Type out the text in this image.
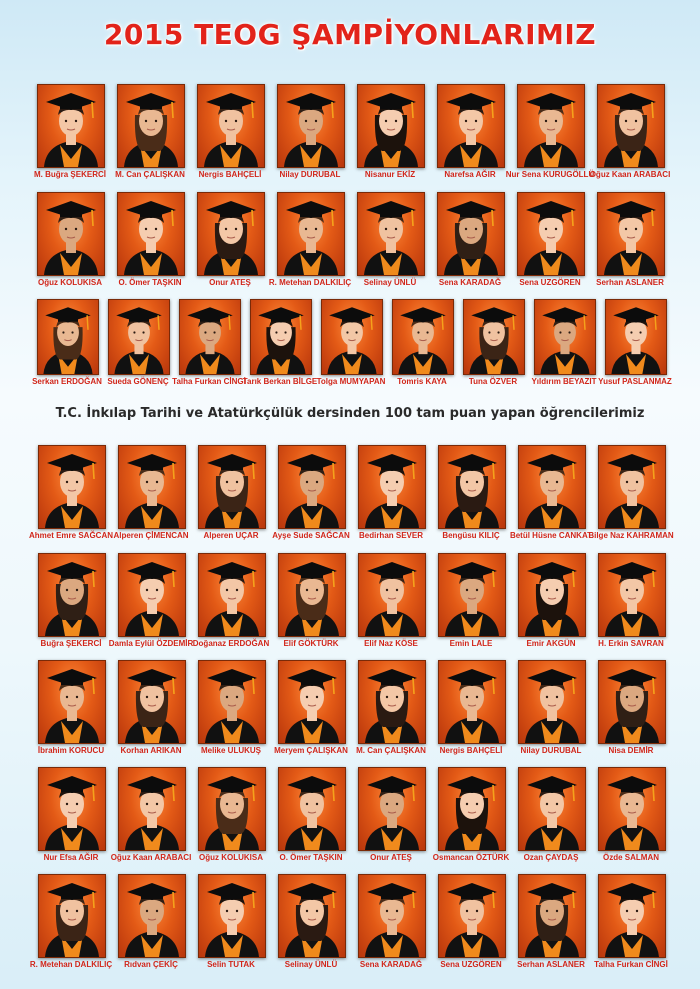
2015 TEOG ŞAMPİYONLARIMIZ
M. Buğra ŞEKERCİ	M. Can ÇALIŞKAN	Nergis BAHÇELİ	Nilay DURUBAL	Nisanur EKİZ	Narefsa AĞIR	Nur Sena KURUGÖLLÜ
Oğuz Kaan ARABACI
Oğuz KOLUKISA	O. Ömer TAŞKIN	Onur ATEŞ	R. Metehan DALKILIÇ	Selinay ÜNLÜ	Sena KARADAĞ	Sena UZGÖREN	Serhan ASLANER
Serkan ERDOĞAN Sueda GÖNENÇ Talha Furkan CİNGİ
Tarık Berkan BİLGE Tolga MUMYAPAN	Tomris KAYA	Tuna ÖZVER	Yıldırım BEYAZIT Yusuf PASLANMAZ
T.C. İnkılap Tarihi ve Atatürkçülük dersinden 100 tam puan yapan öğrencilerimiz
Ahmet Emre SAĞCAN Alperen ÇİMENCAN	Alperen UÇAR	Ayşe Sude SAĞCAN	Bedirhan SEVER	Bengüsu KILIÇ	Betül Hüsne CANKAT
Bilge Naz KAHRAMAN
Buğra ŞEKERCİ Damla Eylül ÖZDEMİR Doğanaz ERDOĞAN	Elif GÖKTÜRK	Elif Naz KÖSE	Emin LALE	Emir AKGÜN	H. Erkin SAVRAN
İbrahim KORUCU	Korhan ARIKAN	Melike ULUKUŞ	Meryem ÇALIŞKAN	M. Can ÇALIŞKAN	Nergis BAHÇELİ	Nilay DURUBAL	Nisa DEMİR
Nur Efsa AĞIR	Oğuz Kaan ARABACI Oğuz KOLUKISA	O. Ömer TAŞKIN	Onur ATEŞ	Osmancan ÖZTÜRK	Ozan ÇAYDAŞ	Özde SALMAN
R. Metehan DALKILIÇ	Rıdvan ÇEKİÇ	Selin TUTAK	Selinay ÜNLÜ	Sena KARADAĞ	Sena UZGÖREN	Serhan ASLANER	Talha Furkan CİNGİ
